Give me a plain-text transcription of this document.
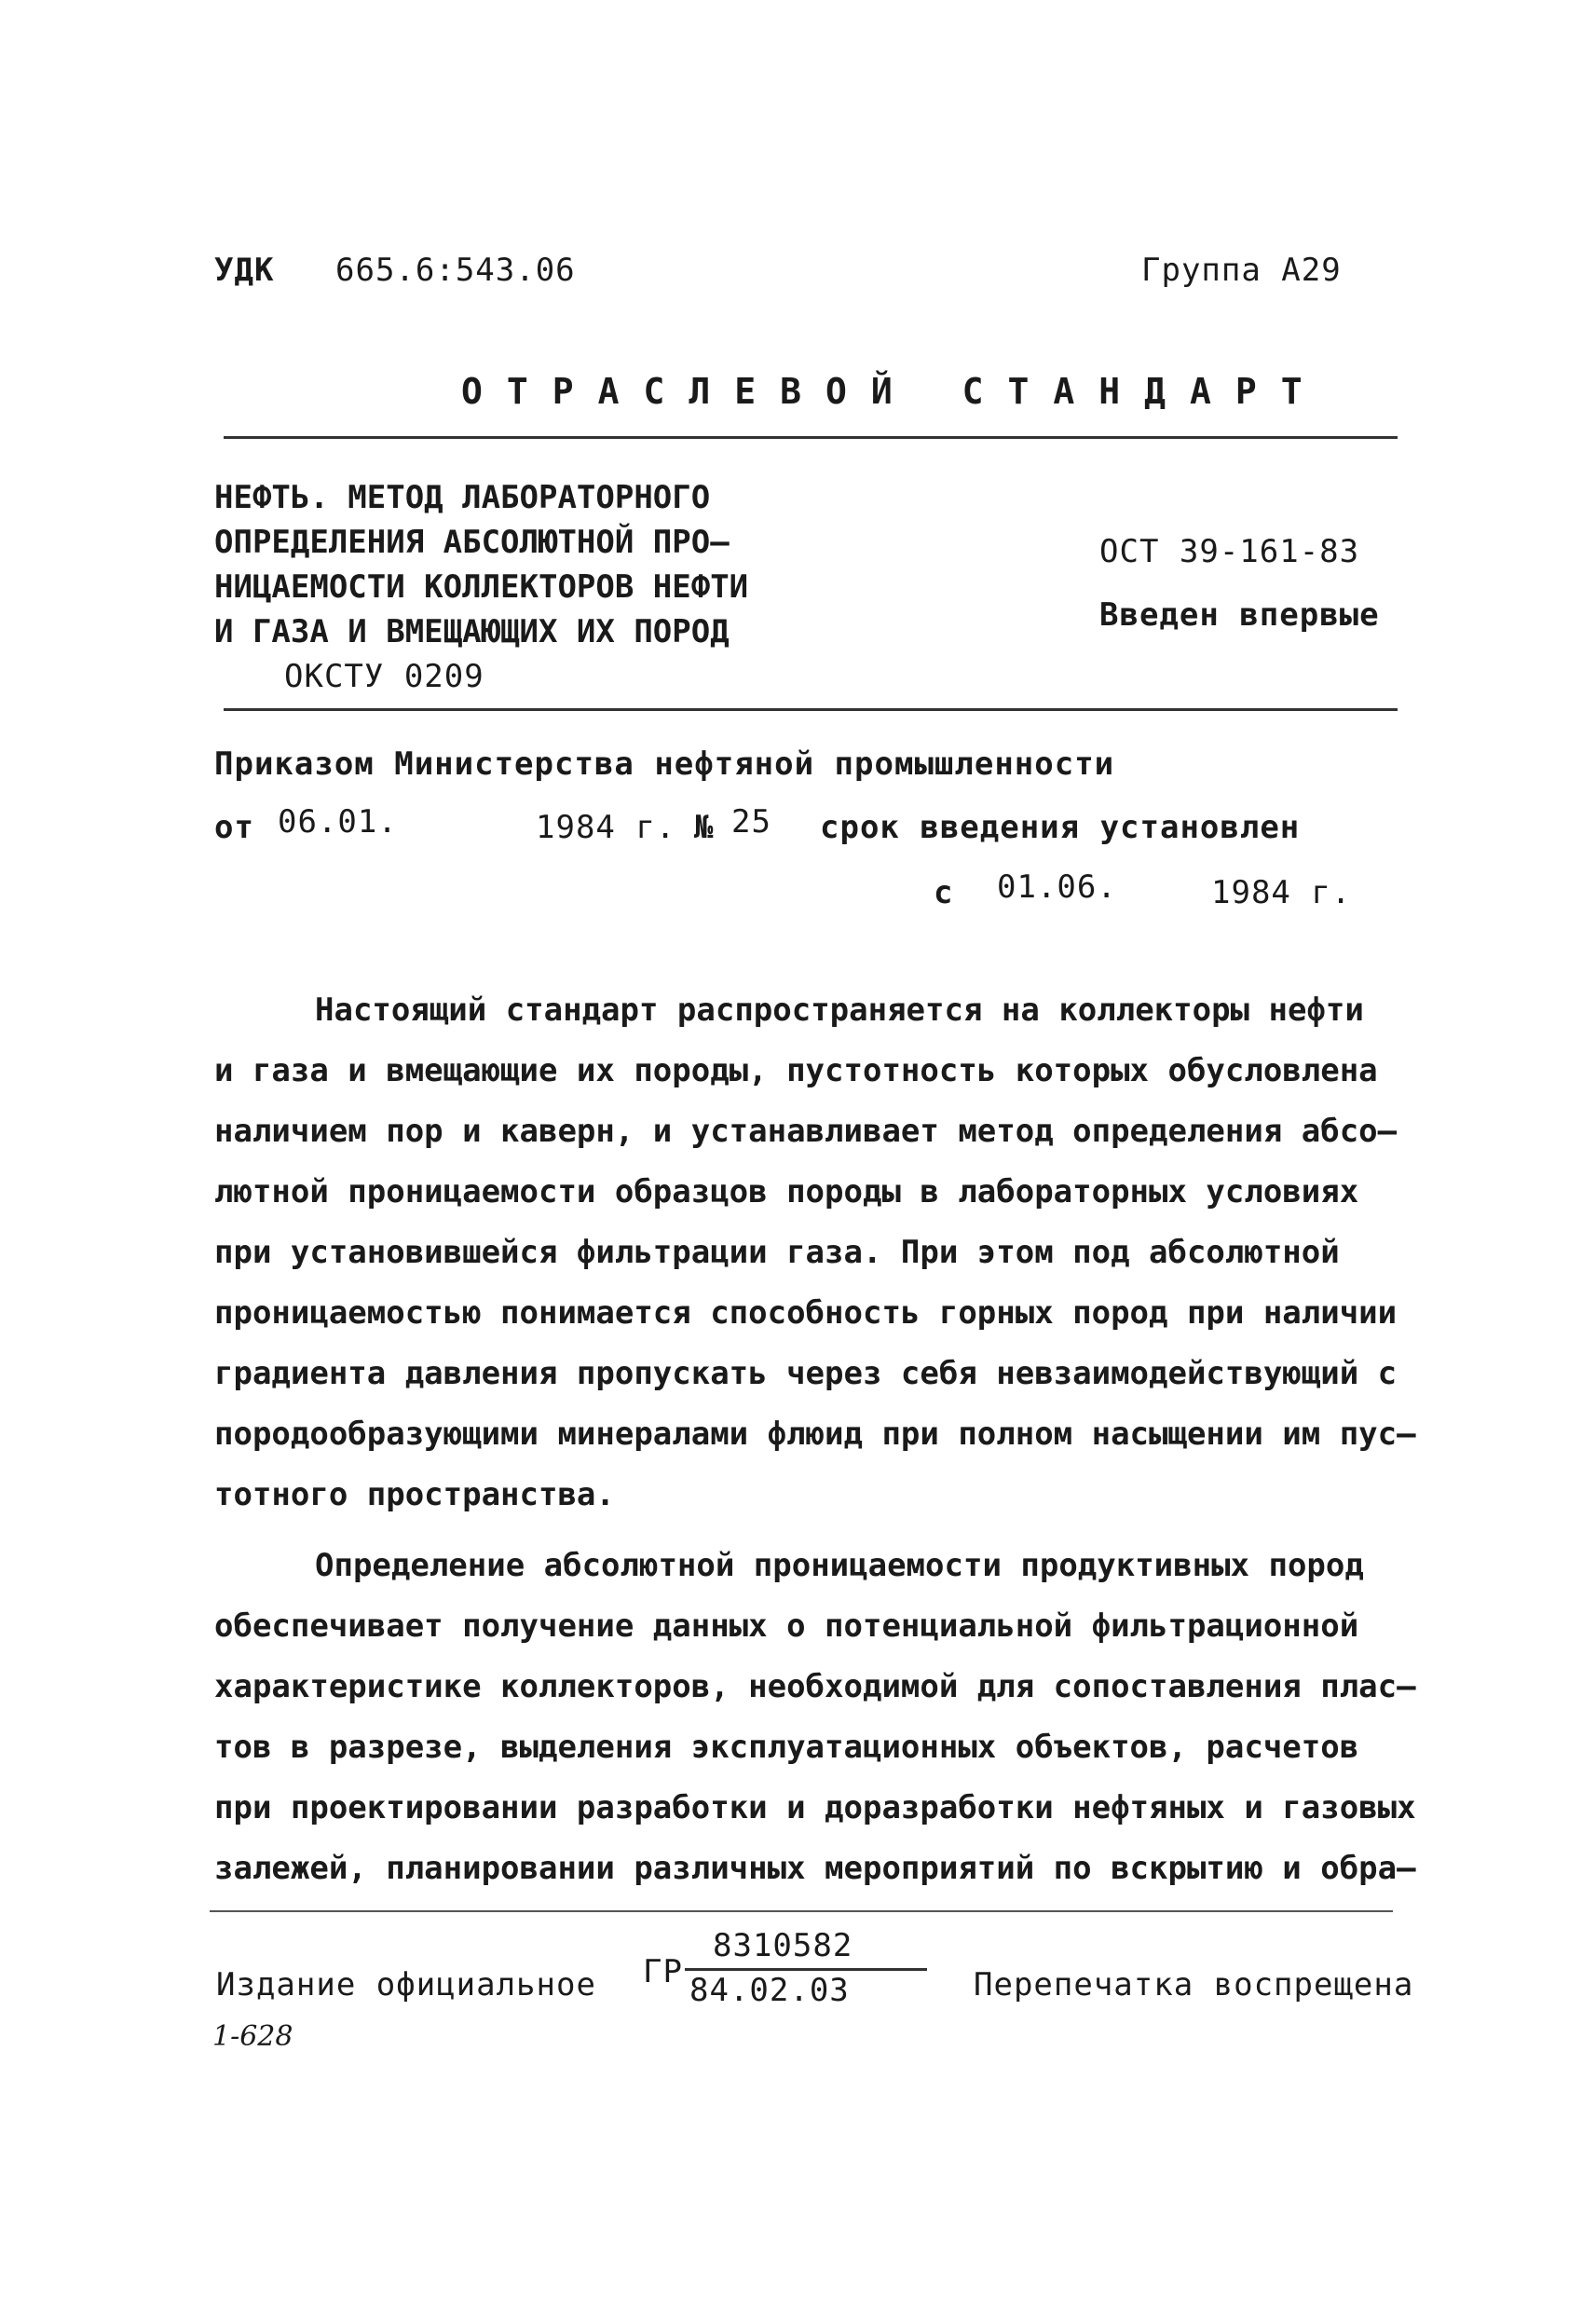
УДК 665.6:543.06	Группа А29
ОТРАСЛЕВОЙ СТАНДАРТ
НЕФТЬ. МЕТОД ЛАБОРАТОРНОГО
ОПРЕДЕЛЕНИЯ АБСОЛЮТНОЙ ПРО–
НИЦАЕМОСТИ КОЛЛЕКТОРОВ НЕФТИ
И ГАЗА И ВМЕЩАЮЩИХ ИХ ПОРОД
ОКСТУ 0209
ОСТ 39-161-83
Введен впервые
Приказом Министерства нефтяной промышленности
от 06.01.	1984 г. № 25 срок введения установлен
с 01.06.	1984 г.

Настоящий стандарт распространяется на коллекторы нефти

и газа и вмещающие их породы, пустотность которых обусловлена

наличием пор и каверн, и устанавливает метод определения абсо–

лютной проницаемости образцов породы в лабораторных условиях

при установившейся фильтрации газа. При этом под абсолютной

проницаемостью понимается способность горных пород при наличии

градиента давления пропускать через себя невзаимодействующий с

породообразующими минералами флюид при полном насыщении им пус–

тотного пространства.

Определение абсолютной проницаемости продуктивных пород

обеспечивает получение данных о потенциальной фильтрационной

характеристике коллекторов, необходимой для сопоставления плас–

тов в разрезе, выделения эксплуатационных объектов, расчетов

при проектировании разработки и доразработки нефтяных и газовых

залежей, планировании различных мероприятий по вскрытию и обра–

Издание официальное ГР
8310582
84.02.03	Перепечатка воспрещена
1-628
